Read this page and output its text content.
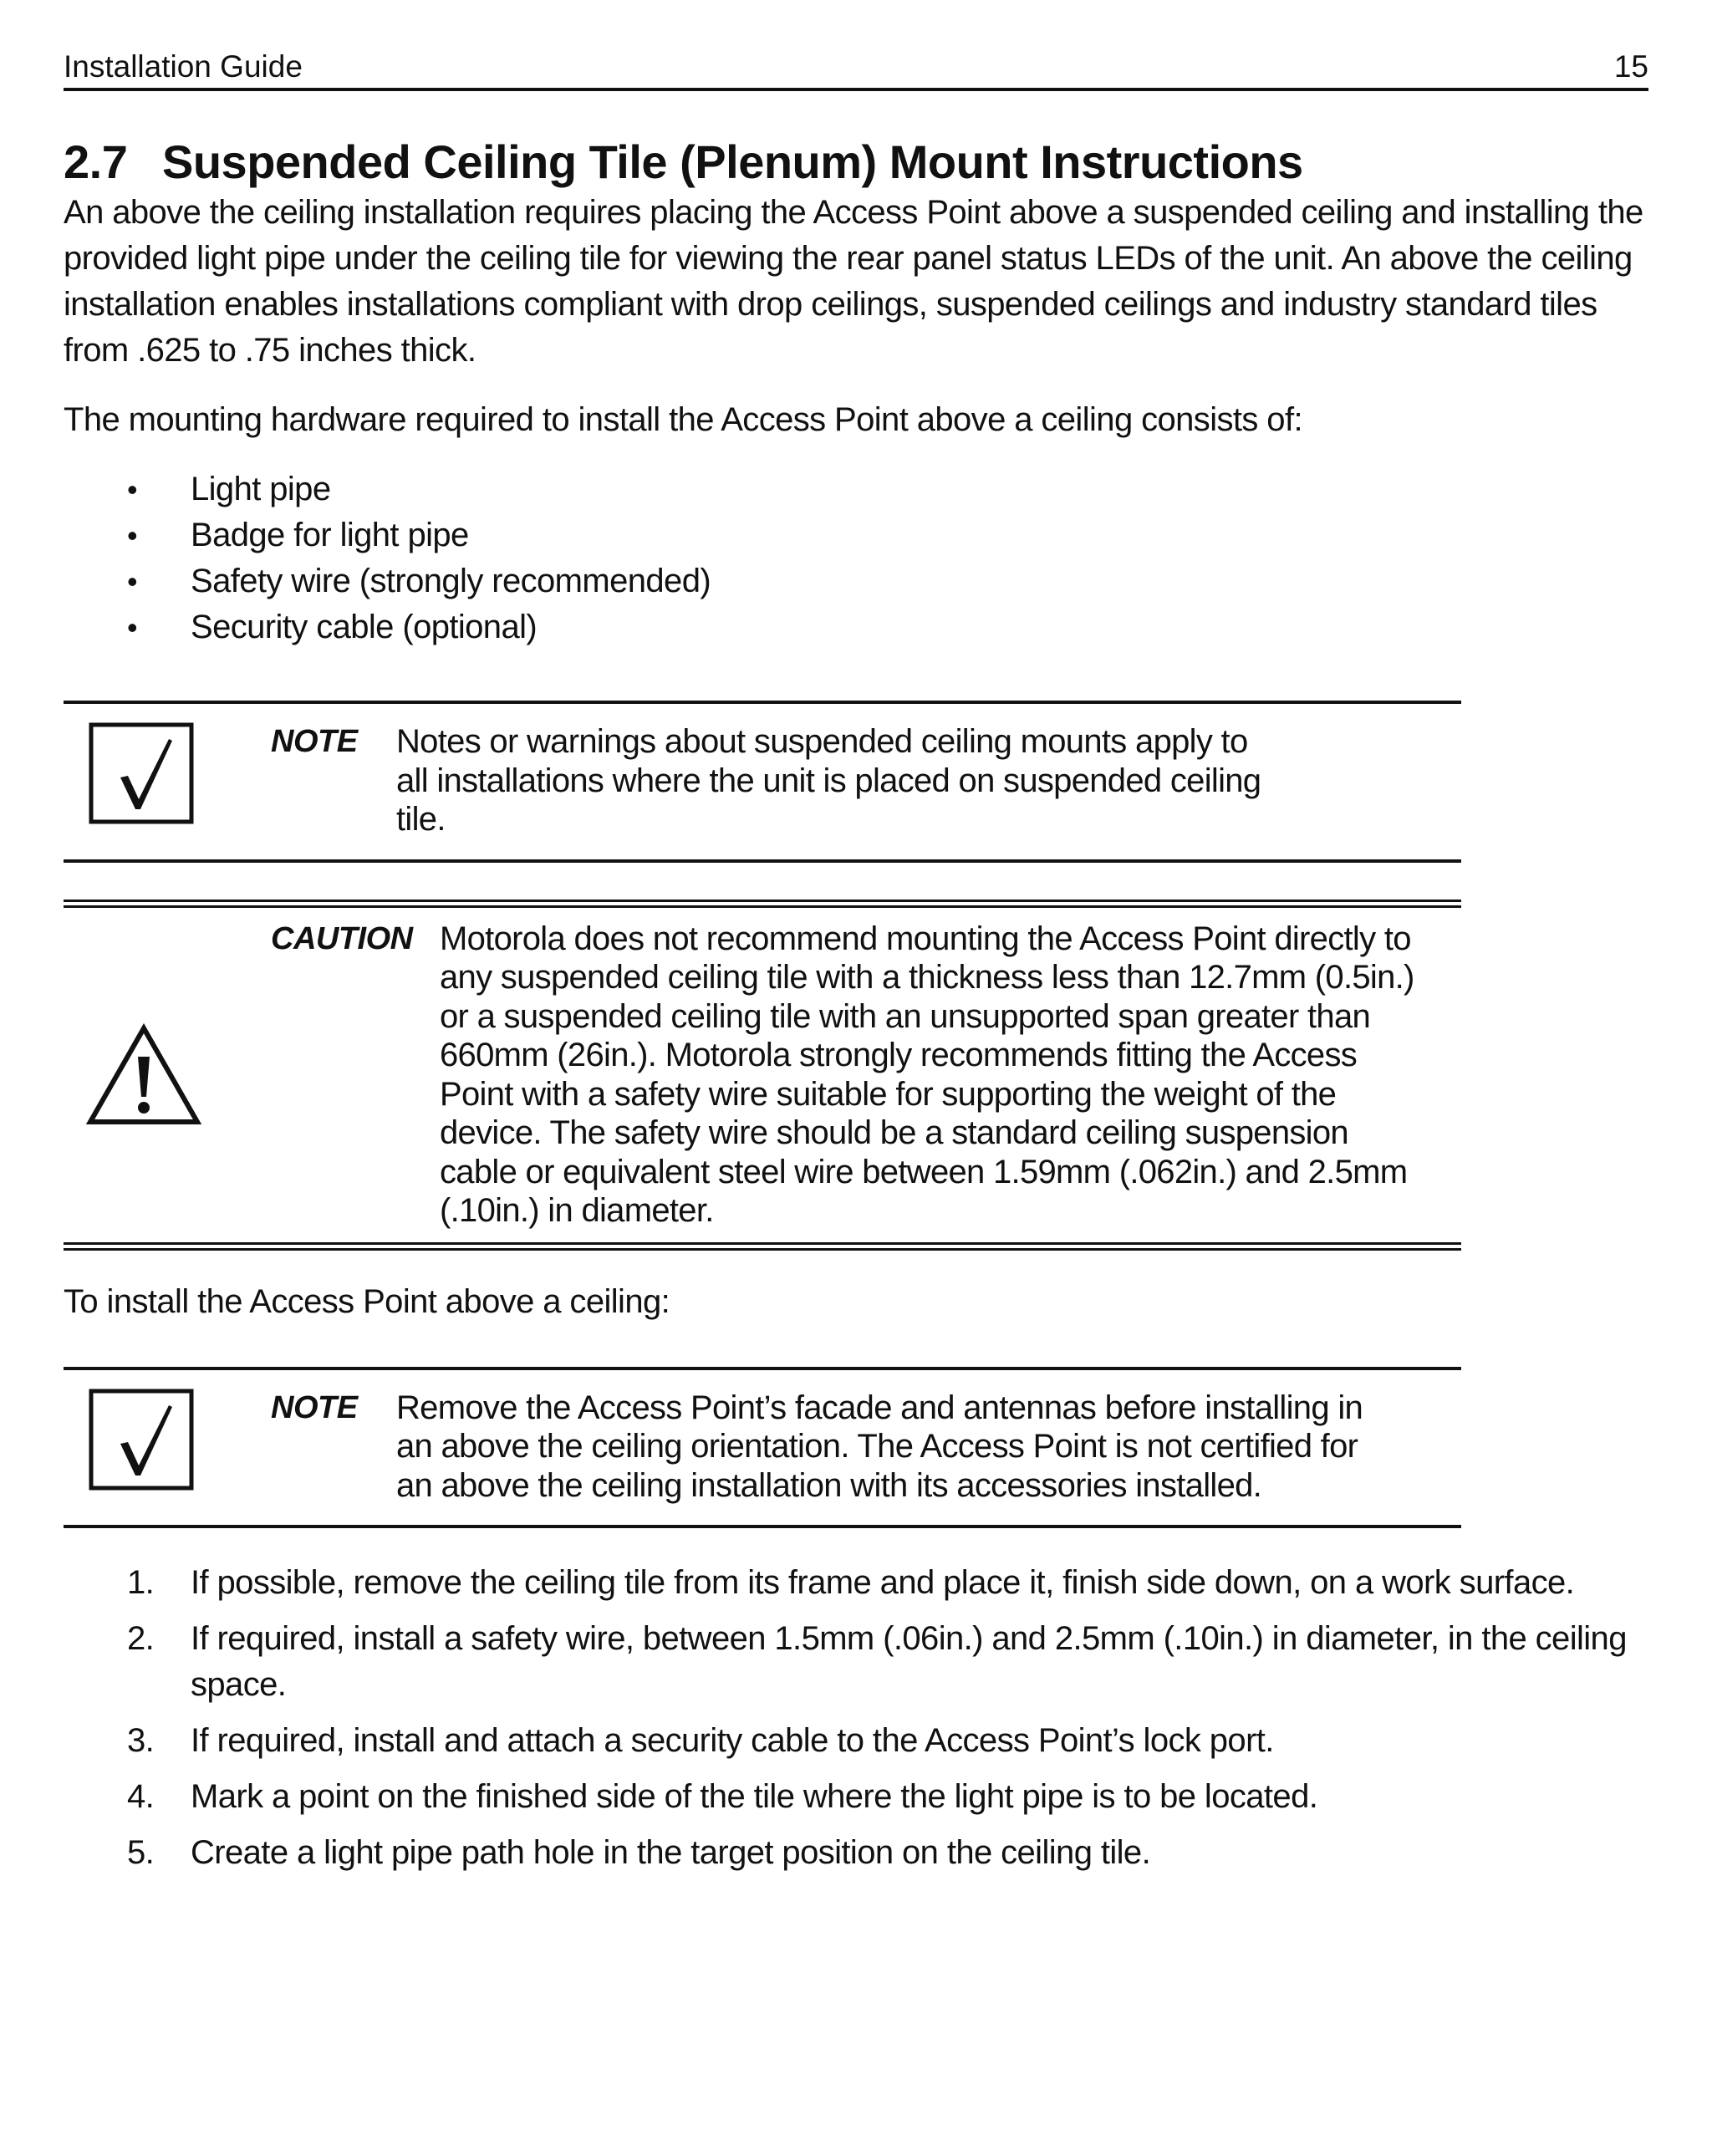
Installation Guide	15
2.7 Suspended Ceiling Tile (Plenum) Mount Instructions

An above the ceiling installation requires placing the Access Point above a suspended ceiling and installing the provided light pipe under the ceiling tile for viewing the rear panel status LEDs of the unit. An above the ceiling installation enables installations compliant with drop ceilings, suspended ceilings and industry standard tiles from .625 to .75 inches thick.

The mounting hardware required to install the Access Point above a ceiling consists of:

•	Light pipe
•	Badge for light pipe
•	Safety wire (strongly recommended)
•	Security cable (optional)
NOTE	Notes or warnings about suspended ceiling mounts apply to all installations where the unit is placed on suspended ceiling tile.
CAUTION Motorola does not recommend mounting the Access Point directly to any suspended ceiling tile with a thickness less than 12.7mm (0.5in.) or a suspended ceiling tile with an unsupported span greater than 660mm (26in.). Motorola strongly recommends fitting the Access Point with a safety wire suitable for supporting the weight of the device. The safety wire should be a standard ceiling suspension cable or equivalent steel wire between 1.59mm (.062in.) and 2.5mm (.10in.) in diameter.

To install the Access Point above a ceiling:

NOTE	Remove the Access Point’s facade and antennas before installing in an above the ceiling orientation. The Access Point is not certified for an above the ceiling installation with its accessories installed.
1.	If possible, remove the ceiling tile from its frame and place it, finish side down, on a work surface.
2.	If required, install a safety wire, between 1.5mm (.06in.) and 2.5mm (.10in.) in diameter, in the ceiling space.
3.	If required, install and attach a security cable to the Access Point’s lock port.
4.	Mark a point on the finished side of the tile where the light pipe is to be located.
5.	Create a light pipe path hole in the target position on the ceiling tile.
